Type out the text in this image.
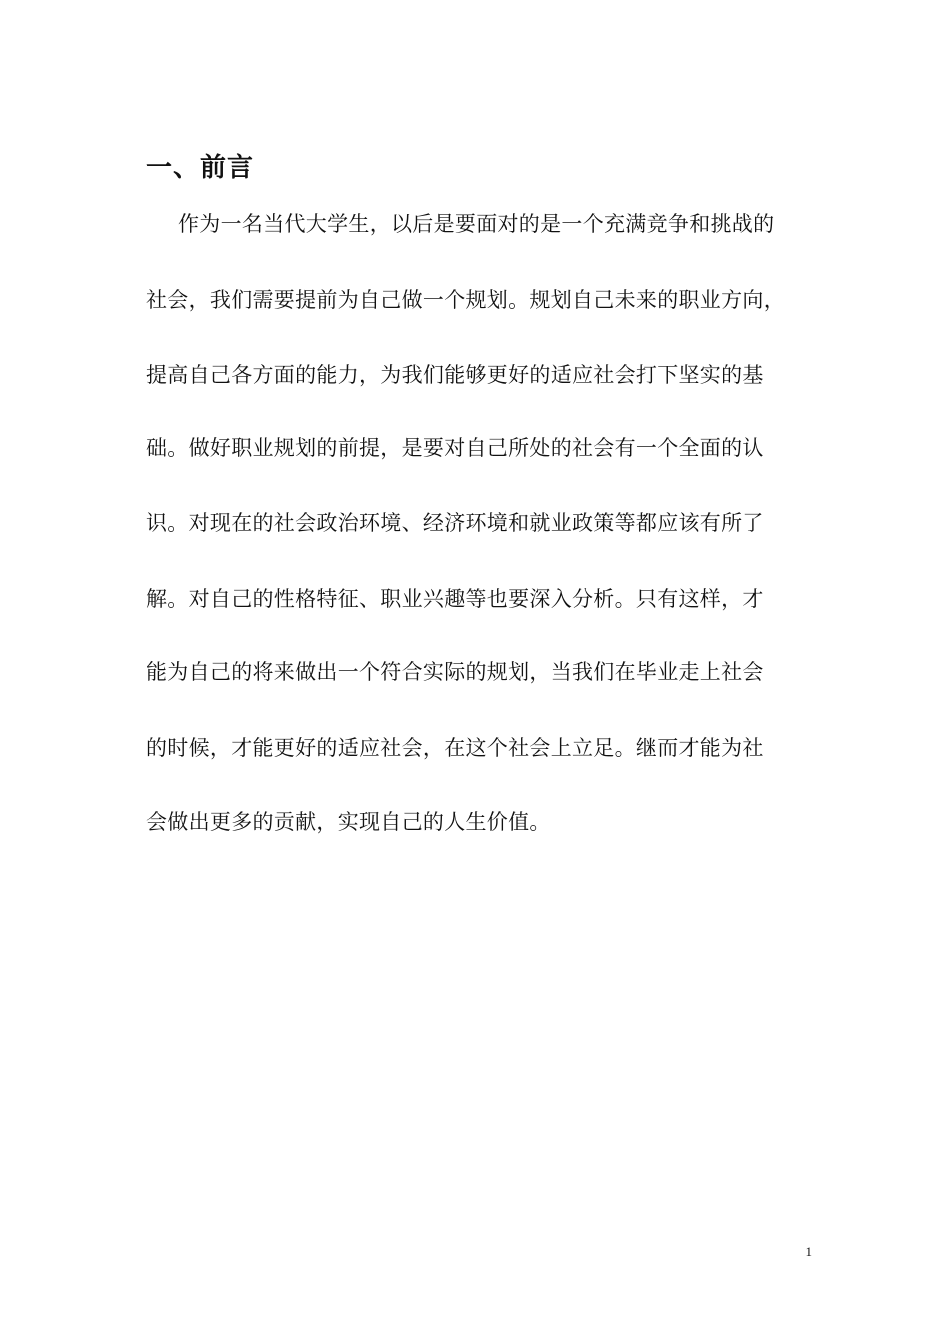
一、前言
作为一名当代大学生，以后是要面对的是一个充满竞争和挑战的
社会，我们需要提前为自己做一个规划。规划自己未来的职业方向，
提高自己各方面的能力，为我们能够更好的适应社会打下坚实的基
础。做好职业规划的前提，是要对自己所处的社会有一个全面的认
识。对现在的社会政治环境、经济环境和就业政策等都应该有所了
解。对自己的性格特征、职业兴趣等也要深入分析。只有这样，才
能为自己的将来做出一个符合实际的规划，当我们在毕业走上社会
的时候，才能更好的适应社会，在这个社会上立足。继而才能为社
会做出更多的贡献，实现自己的人生价值。
1
